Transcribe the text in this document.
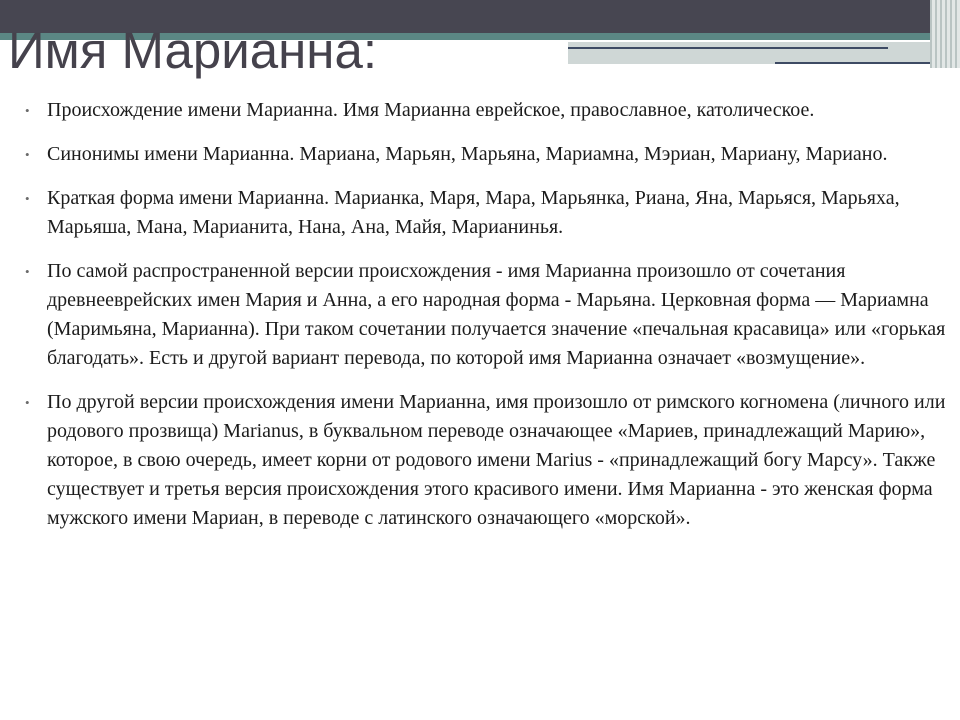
Имя Марианна:
• Происхождение имени Марианна. Имя Марианна еврейское, православное, католическое.
• Синонимы имени Марианна. Мариана, Марьян, Марьяна, Мариамна, Мэриан, Мариану, Мариано.
• Краткая форма имени Марианна. Марианка, Маря, Мара, Марьянка, Риана, Яна, Марьяся, Марьяха, Марьяша, Мана, Марианита, Нана, Ана, Майя, Марианинья.
• По самой распространенной версии происхождения - имя Марианна произошло от сочетания древнееврейских имен Мария и Анна, а его народная форма - Марьяна. Церковная форма — Мариамна (Маримьяна, Марианна). При таком сочетании получается значение «печальная красавица» или «горькая благодать». Есть и другой вариант перевода, по которой имя Марианна означает «возмущение».
• По другой версии происхождения имени Марианна, имя произошло от римского когномена (личного или родового прозвища) Marianus, в буквальном переводе означающее «Мариев, принадлежащий Марию», которое, в свою очередь, имеет корни от родового имени Marius - «принадлежащий богу Марсу». Также существует и третья версия происхождения этого красивого имени. Имя Марианна - это женская форма мужского имени Мариан, в переводе с латинского означающего «морской».
